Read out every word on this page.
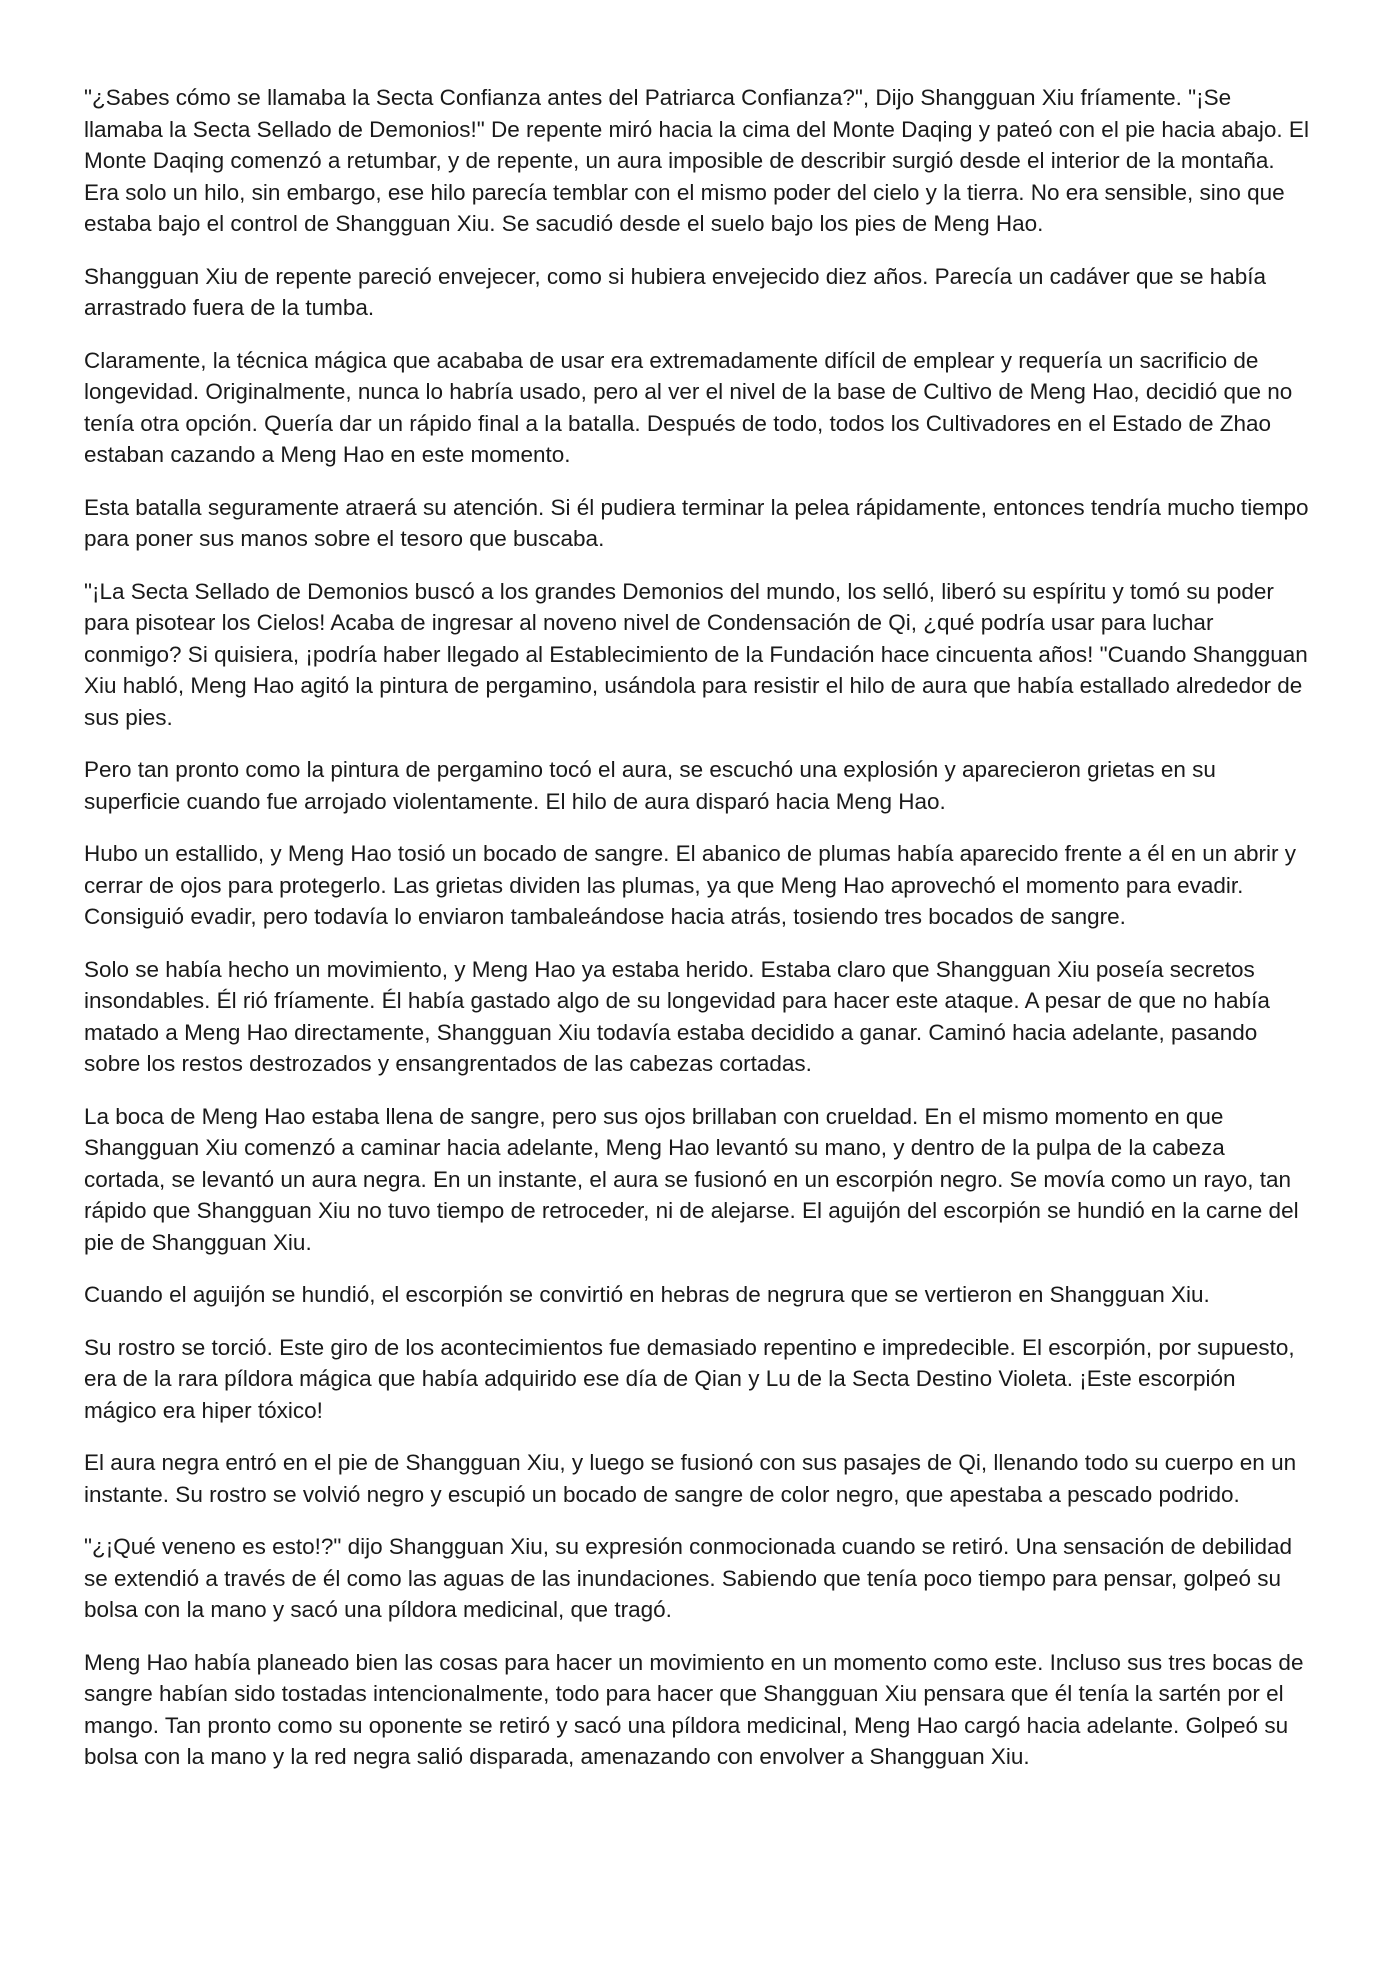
"¿Sabes cómo se llamaba la Secta Confianza antes del Patriarca Confianza?", Dijo Shangguan Xiu fríamente. "¡Se llamaba la Secta Sellado de Demonios!" De repente miró hacia la cima del Monte Daqing y pateó con el pie hacia abajo. El Monte Daqing comenzó a retumbar, y de repente, un aura imposible de describir surgió desde el interior de la montaña. Era solo un hilo, sin embargo, ese hilo parecía temblar con el mismo poder del cielo y la tierra. No era sensible, sino que estaba bajo el control de Shangguan Xiu. Se sacudió desde el suelo bajo los pies de Meng Hao.

Shangguan Xiu de repente pareció envejecer, como si hubiera envejecido diez años. Parecía un cadáver que se había arrastrado fuera de la tumba.

Claramente, la técnica mágica que acababa de usar era extremadamente difícil de emplear y requería un sacrificio de longevidad. Originalmente, nunca lo habría usado, pero al ver el nivel de la base de Cultivo de Meng Hao, decidió que no tenía otra opción. Quería dar un rápido final a la batalla. Después de todo, todos los Cultivadores en el Estado de Zhao estaban cazando a Meng Hao en este momento.

Esta batalla seguramente atraerá su atención. Si él pudiera terminar la pelea rápidamente, entonces tendría mucho tiempo para poner sus manos sobre el tesoro que buscaba.

"¡La Secta Sellado de Demonios buscó a los grandes Demonios del mundo, los selló, liberó su espíritu y tomó su poder para pisotear los Cielos! Acaba de ingresar al noveno nivel de Condensación de Qi, ¿qué podría usar para luchar conmigo? Si quisiera, ¡podría haber llegado al Establecimiento de la Fundación hace cincuenta años! "Cuando Shangguan Xiu habló, Meng Hao agitó la pintura de pergamino, usándola para resistir el hilo de aura que había estallado alrededor de sus pies.

Pero tan pronto como la pintura de pergamino tocó el aura, se escuchó una explosión y aparecieron grietas en su superficie cuando fue arrojado violentamente. El hilo de aura disparó hacia Meng Hao.

Hubo un estallido, y Meng Hao tosió un bocado de sangre. El abanico de plumas había aparecido frente a él en un abrir y cerrar de ojos para protegerlo. Las grietas dividen las plumas, ya que Meng Hao aprovechó el momento para evadir. Consiguió evadir, pero todavía lo enviaron tambaleándose hacia atrás, tosiendo tres bocados de sangre.

Solo se había hecho un movimiento, y Meng Hao ya estaba herido. Estaba claro que Shangguan Xiu poseía secretos insondables. Él rió fríamente. Él había gastado algo de su longevidad para hacer este ataque. A pesar de que no había matado a Meng Hao directamente, Shangguan Xiu todavía estaba decidido a ganar. Caminó hacia adelante, pasando sobre los restos destrozados y ensangrentados de las cabezas cortadas.

La boca de Meng Hao estaba llena de sangre, pero sus ojos brillaban con crueldad. En el mismo momento en que Shangguan Xiu comenzó a caminar hacia adelante, Meng Hao levantó su mano, y dentro de la pulpa de la cabeza cortada, se levantó un aura negra. En un instante, el aura se fusionó en un escorpión negro. Se movía como un rayo, tan rápido que Shangguan Xiu no tuvo tiempo de retroceder, ni de alejarse. El aguijón del escorpión se hundió en la carne del pie de Shangguan Xiu.

Cuando el aguijón se hundió, el escorpión se convirtió en hebras de negrura que se vertieron en Shangguan Xiu.

Su rostro se torció. Este giro de los acontecimientos fue demasiado repentino e impredecible. El escorpión, por supuesto, era de la rara píldora mágica que había adquirido ese día de Qian y Lu de la Secta Destino Violeta. ¡Este escorpión mágico era hiper tóxico!

El aura negra entró en el pie de Shangguan Xiu, y luego se fusionó con sus pasajes de Qi, llenando todo su cuerpo en un instante. Su rostro se volvió negro y escupió un bocado de sangre de color negro, que apestaba a pescado podrido.

"¿¡Qué veneno es esto!?" dijo Shangguan Xiu, su expresión conmocionada cuando se retiró. Una sensación de debilidad se extendió a través de él como las aguas de las inundaciones. Sabiendo que tenía poco tiempo para pensar, golpeó su bolsa con la mano y sacó una píldora medicinal, que tragó.

Meng Hao había planeado bien las cosas para hacer un movimiento en un momento como este. Incluso sus tres bocas de sangre habían sido tostadas intencionalmente, todo para hacer que Shangguan Xiu pensara que él tenía la sartén por el mango. Tan pronto como su oponente se retiró y sacó una píldora medicinal, Meng Hao cargó hacia adelante. Golpeó su bolsa con la mano y la red negra salió disparada, amenazando con envolver a Shangguan Xiu.
